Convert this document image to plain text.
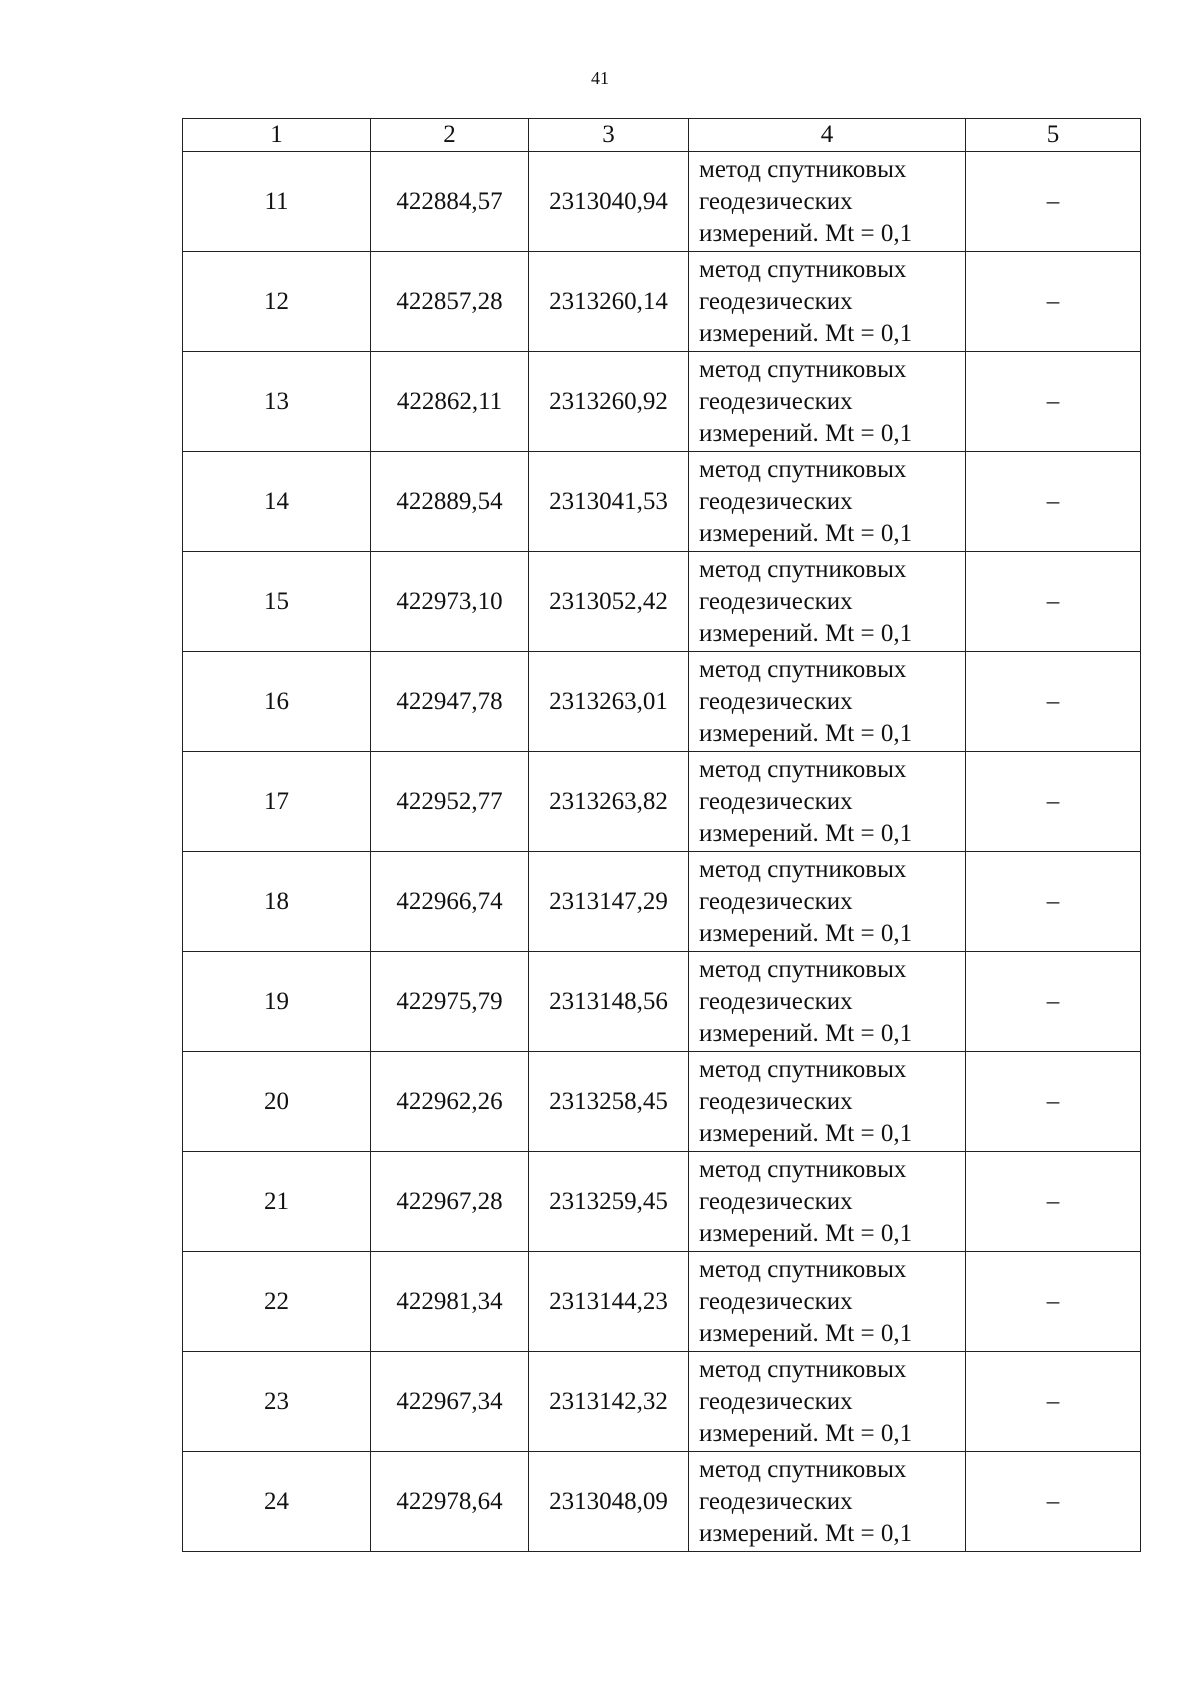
41
1	2	3	4	5
11	422884,57	2313040,94	метод спутниковых
геодезических
измерений. Mt = 0,1	–
12	422857,28	2313260,14	метод спутниковых
геодезических
измерений. Mt = 0,1	–
13	422862,11	2313260,92	метод спутниковых
геодезических
измерений. Mt = 0,1	–
14	422889,54	2313041,53	метод спутниковых
геодезических
измерений. Mt = 0,1	–
15	422973,10	2313052,42	метод спутниковых
геодезических
измерений. Mt = 0,1	–
16	422947,78	2313263,01	метод спутниковых
геодезических
измерений. Mt = 0,1	–
17	422952,77	2313263,82	метод спутниковых
геодезических
измерений. Mt = 0,1	–
18	422966,74	2313147,29	метод спутниковых
геодезических
измерений. Mt = 0,1	–
19	422975,79	2313148,56	метод спутниковых
геодезических
измерений. Mt = 0,1	–
20	422962,26	2313258,45	метод спутниковых
геодезических
измерений. Mt = 0,1	–
21	422967,28	2313259,45	метод спутниковых
геодезических
измерений. Mt = 0,1	–
22	422981,34	2313144,23	метод спутниковых
геодезических
измерений. Mt = 0,1	–
23	422967,34	2313142,32	метод спутниковых
геодезических
измерений. Mt = 0,1	–
24	422978,64	2313048,09	метод спутниковых
геодезических
измерений. Mt = 0,1	–
